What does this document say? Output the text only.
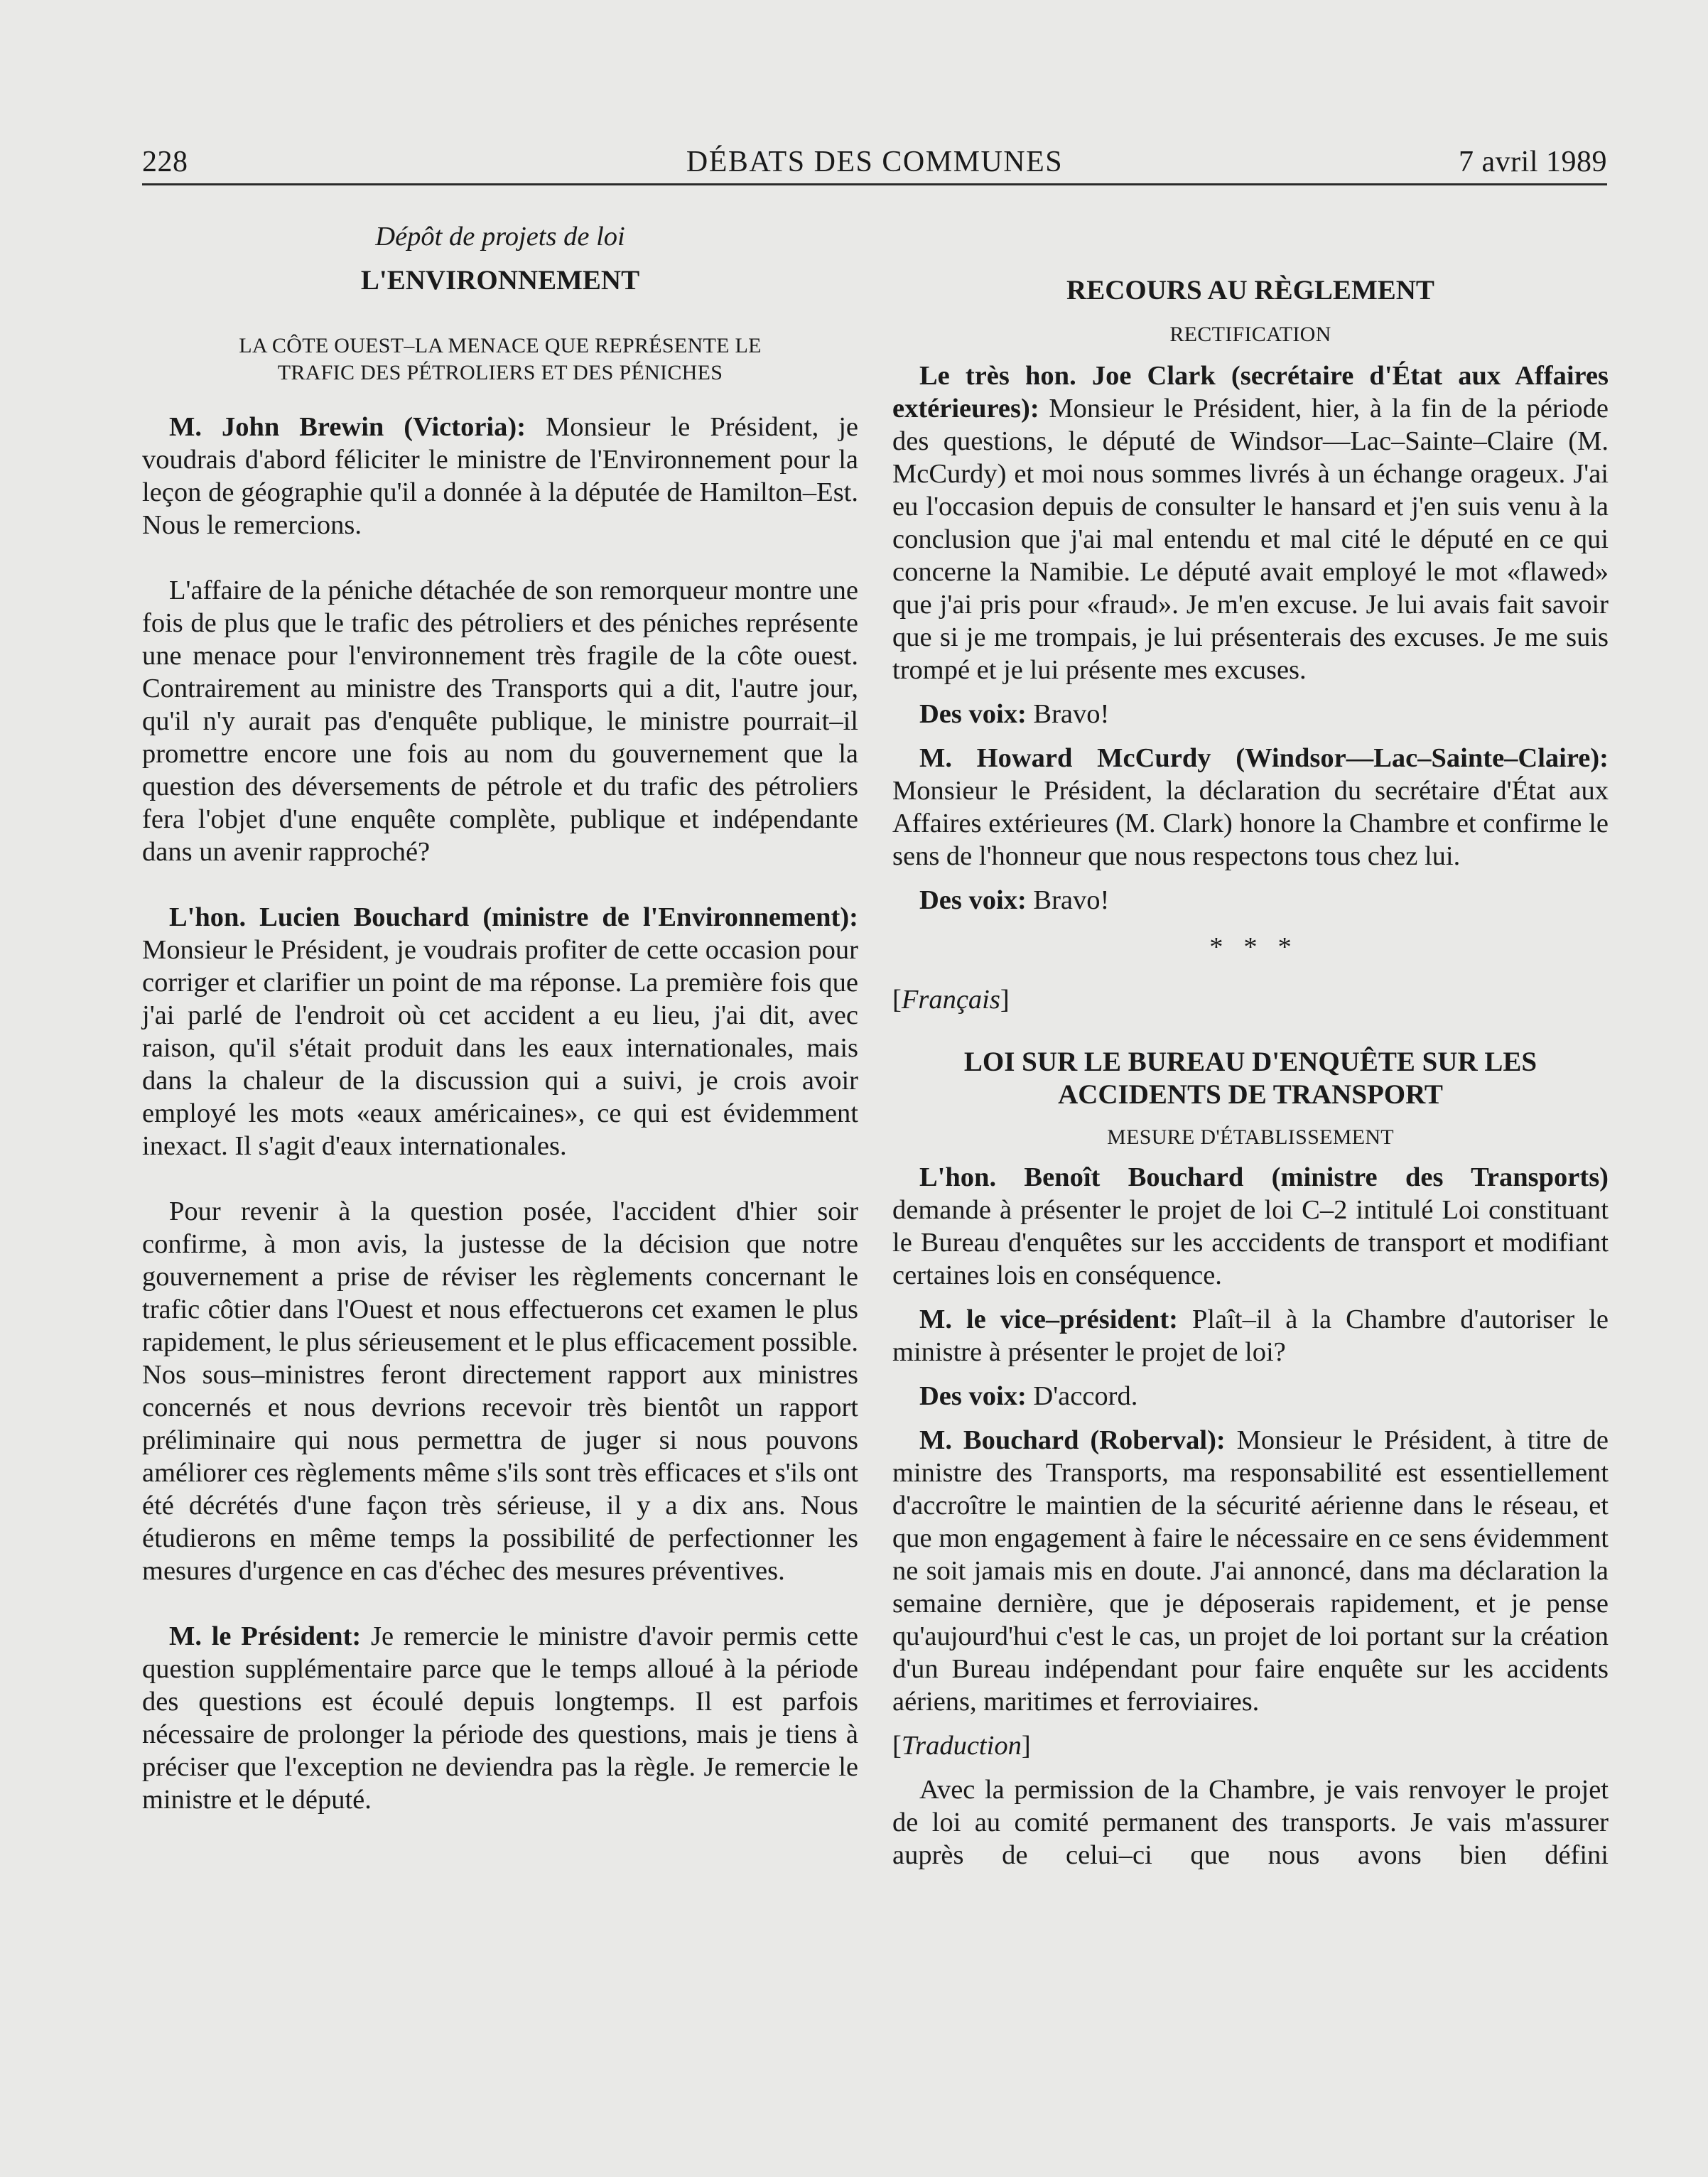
228	DÉBATS DES COMMUNES	7 avril 1989

Dépôt de projets de loi

L'ENVIRONNEMENT

LA CÔTE OUEST–LA MENACE QUE REPRÉSENTE LE

TRAFIC DES PÉTROLIERS ET DES PÉNICHES

M. John Brewin (Victoria): Monsieur le Président, je voudrais d'abord féliciter le ministre de l'Environnement pour la leçon de géographie qu'il a donnée à la députée de Hamilton–Est. Nous le remercions.

L'affaire de la péniche détachée de son remorqueur montre une fois de plus que le trafic des pétroliers et des péniches représente une menace pour l'environnement très fragile de la côte ouest. Contrairement au ministre des Transports qui a dit, l'autre jour, qu'il n'y aurait pas d'enquête publique, le ministre pourrait–il promettre encore une fois au nom du gouvernement que la question des déversements de pétrole et du trafic des pétroliers fera l'objet d'une enquête complète, publique et indépendante dans un avenir rapproché?

L'hon. Lucien Bouchard (ministre de l'Environnement): Monsieur le Président, je voudrais profiter de cette occasion pour corriger et clarifier un point de ma réponse. La première fois que j'ai parlé de l'endroit où cet accident a eu lieu, j'ai dit, avec raison, qu'il s'était produit dans les eaux internationales, mais dans la chaleur de la discussion qui a suivi, je crois avoir employé les mots «eaux américaines», ce qui est évidemment inexact. Il s'agit d'eaux internationales.

Pour revenir à la question posée, l'accident d'hier soir confirme, à mon avis, la justesse de la décision que notre gouvernement a prise de réviser les règlements concernant le trafic côtier dans l'Ouest et nous effectuerons cet examen le plus rapidement, le plus sérieusement et le plus efficacement possible. Nos sous–ministres feront directement rapport aux ministres concernés et nous devrions recevoir très bientôt un rapport préliminaire qui nous permettra de juger si nous pouvons améliorer ces règlements même s'ils sont très efficaces et s'ils ont été décrétés d'une façon très sérieuse, il y a dix ans. Nous étudierons en même temps la possibilité de perfectionner les mesures d'urgence en cas d'échec des mesures préventives.

M. le Président: Je remercie le ministre d'avoir permis cette question supplémentaire parce que le temps alloué à la période des questions est écoulé depuis longtemps. Il est parfois nécessaire de prolonger la période des questions, mais je tiens à préciser que l'exception ne deviendra pas la règle. Je remercie le ministre et le député.

RECOURS AU RÈGLEMENT

RECTIFICATION

Le très hon. Joe Clark (secrétaire d'État aux Affaires extérieures): Monsieur le Président, hier, à la fin de la période des questions, le député de Windsor—Lac–Sainte–Claire (M. McCurdy) et moi nous sommes livrés à un échange orageux. J'ai eu l'occasion depuis de consulter le hansard et j'en suis venu à la conclusion que j'ai mal entendu et mal cité le député en ce qui concerne la Namibie. Le député avait employé le mot «flawed» que j'ai pris pour «fraud». Je m'en excuse. Je lui avais fait savoir que si je me trompais, je lui présenterais des excuses. Je me suis trompé et je lui présente mes excuses.

Des voix: Bravo!

M. Howard McCurdy (Windsor—Lac–Sainte–Claire): Monsieur le Président, la déclaration du secrétaire d'État aux Affaires extérieures (M. Clark) honore la Chambre et confirme le sens de l'honneur que nous respectons tous chez lui.

Des voix: Bravo!

*   *   *

[Français]

LOI SUR LE BUREAU D'ENQUÊTE SUR LES

ACCIDENTS DE TRANSPORT

MESURE D'ÉTABLISSEMENT

L'hon. Benoît Bouchard (ministre des Transports) demande à présenter le projet de loi C–2 intitulé Loi constituant le Bureau d'enquêtes sur les acccidents de transport et modifiant certaines lois en conséquence.

M. le vice–président: Plaît–il à la Chambre d'autoriser le ministre à présenter le projet de loi?

Des voix: D'accord.

M. Bouchard (Roberval): Monsieur le Président, à titre de ministre des Transports, ma responsabilité est essentiellement d'accroître le maintien de la sécurité aérienne dans le réseau, et que mon engagement à faire le nécessaire en ce sens évidemment ne soit jamais mis en doute. J'ai annoncé, dans ma déclaration la semaine dernière, que je déposerais rapidement, et je pense qu'aujourd'hui c'est le cas, un projet de loi portant sur la création d'un Bureau indépendant pour faire enquête sur les accidents aériens, maritimes et ferroviaires.

[Traduction]

Avec la permission de la Chambre, je vais renvoyer le projet de loi au comité permanent des transports. Je vais m'assurer auprès de celui–ci que nous avons bien défini
